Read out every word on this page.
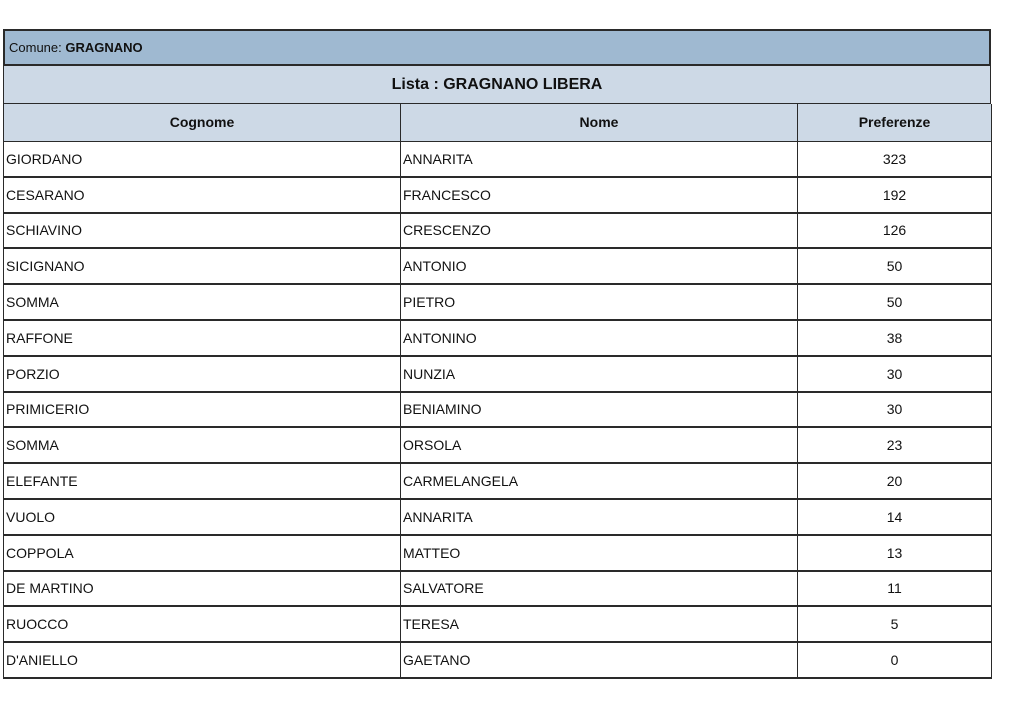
Comune:
GRAGNANO
Lista :
GRAGNANO LIBERA
Cognome	Nome	Preferenze
GIORDANO	ANNARITA	323
CESARANO	FRANCESCO	192
SCHIAVINO	CRESCENZO	126
SICIGNANO	ANTONIO	50
SOMMA	PIETRO	50
RAFFONE	ANTONINO	38
PORZIO	NUNZIA	30
PRIMICERIO	BENIAMINO	30
SOMMA	ORSOLA	23
ELEFANTE	CARMELANGELA	20
VUOLO	ANNARITA	14
COPPOLA	MATTEO	13
DE MARTINO	SALVATORE	11
RUOCCO	TERESA	5
D'ANIELLO	GAETANO	0
